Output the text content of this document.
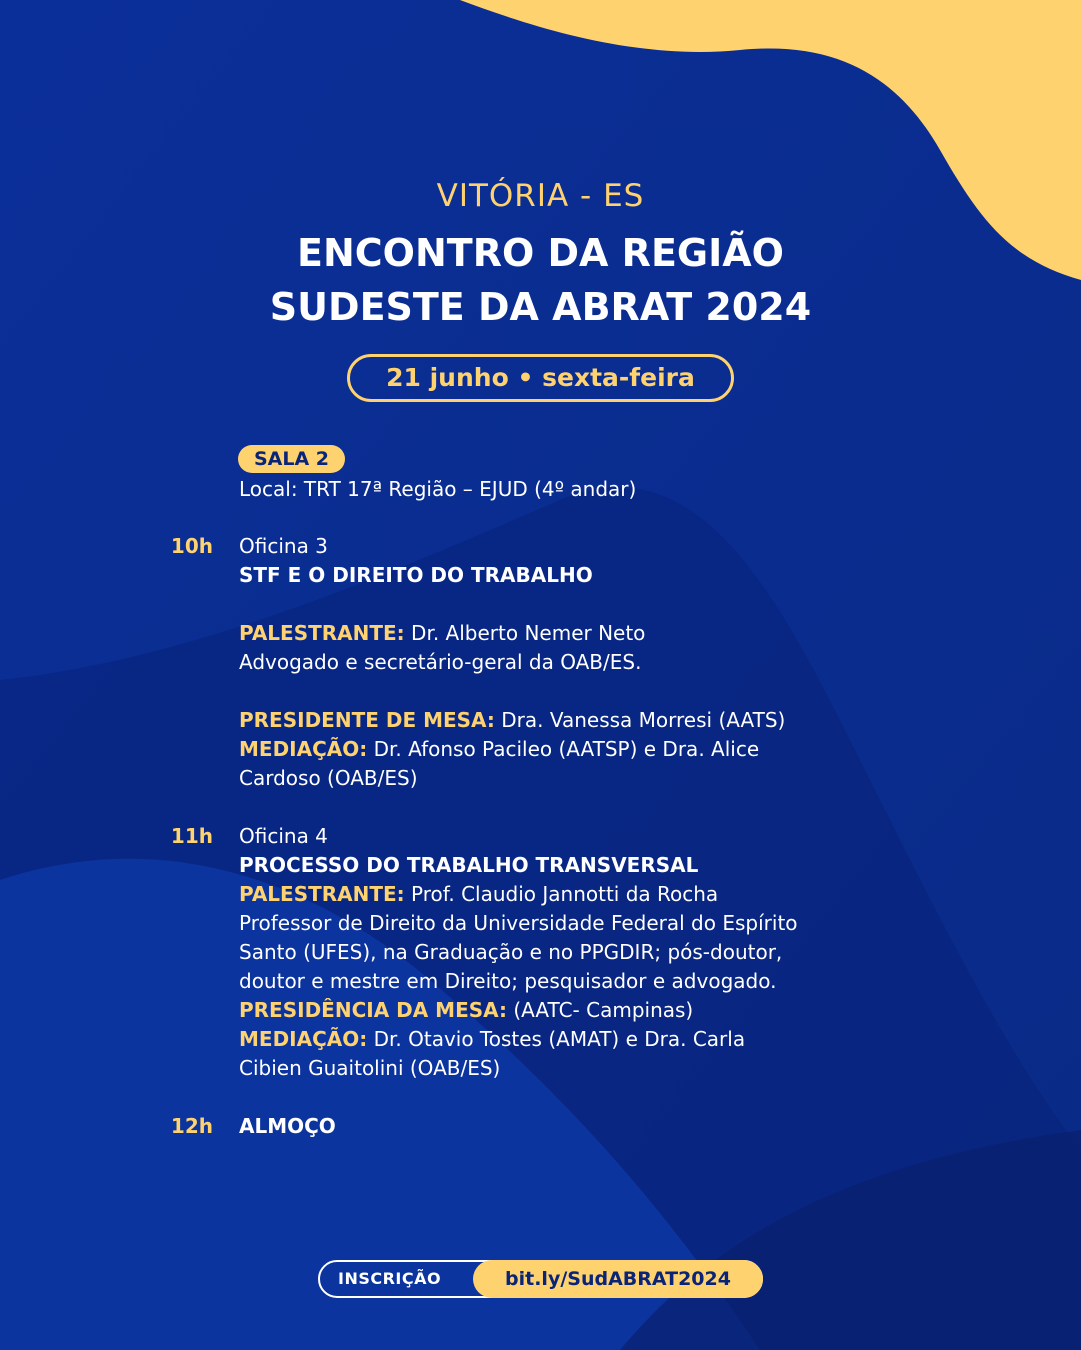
VITÓRIA - ES
ENCONTRO DA REGIÃO
SUDESTE DA ABRAT 2024
21 junho • sexta-feira
SALA 2
Local: TRT 17ª Região – EJUD (4º andar)
10h Oficina 3
STF E O DIREITO DO TRABALHO
PALESTRANTE: Dr. Alberto Nemer Neto
Advogado e secretário-geral da OAB/ES.
PRESIDENTE DE MESA: Dra. Vanessa Morresi (AATS)
MEDIAÇÃO: Dr. Afonso Pacileo (AATSP) e Dra. Alice
Cardoso (OAB/ES)
11h Oficina 4
PROCESSO DO TRABALHO TRANSVERSAL
PALESTRANTE: Prof. Claudio Jannotti da Rocha
Professor de Direito da Universidade Federal do Espírito
Santo (UFES), na Graduação e no PPGDIR; pós-doutor,
doutor e mestre em Direito; pesquisador e advogado.
PRESIDÊNCIA DA MESA: (AATC- Campinas)
MEDIAÇÃO: Dr. Otavio Tostes (AMAT) e Dra. Carla
Cibien Guaitolini (OAB/ES)
12h ALMOÇO
INSCRIÇÃO	bit.ly/SudABRAT2024
